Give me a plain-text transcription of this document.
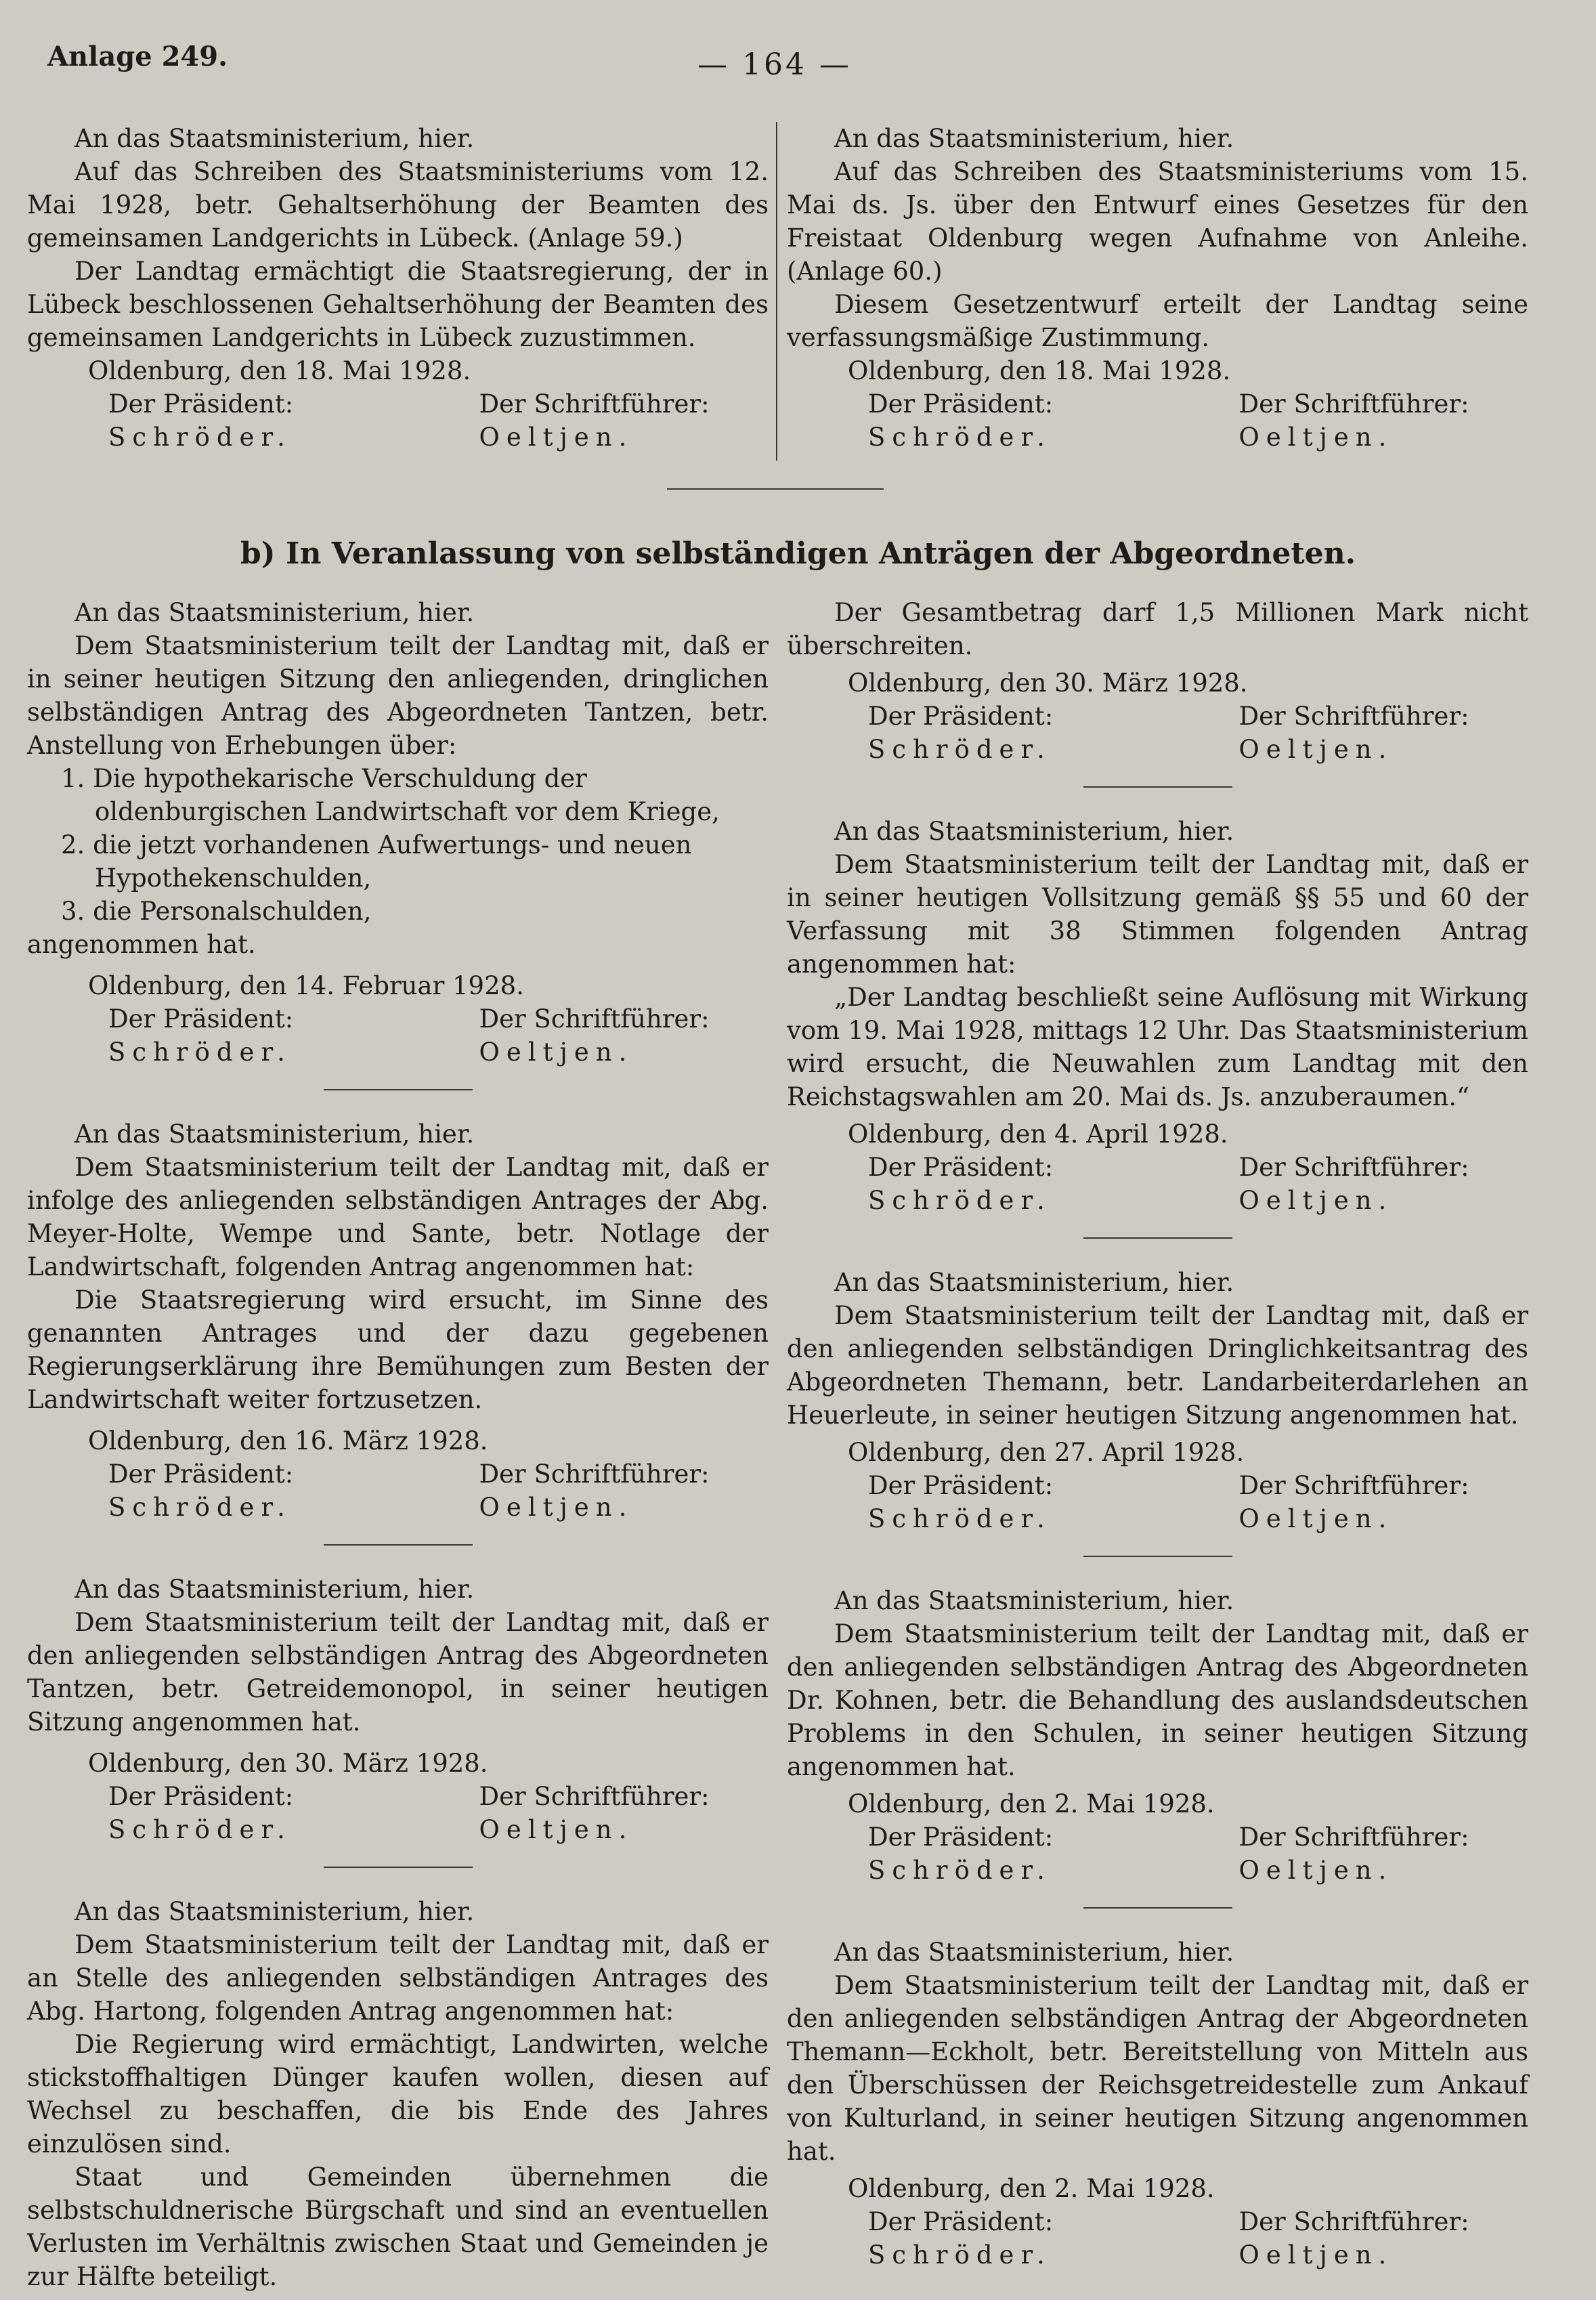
Anlage 249.	— 164 —

An das Staatsministerium, hier.

Auf das Schreiben des Staatsministeriums vom 12. Mai 1928, betr. Gehaltserhöhung der Beamten des gemeinsamen Landgerichts in Lübeck. (Anlage 59.)

Der Landtag ermächtigt die Staatsregierung, der in Lübeck beschlossenen Gehaltserhöhung der Beamten des gemeinsamen Landgerichts in Lübeck zuzustimmen.

Oldenburg, den 18. Mai 1928.

Der Präsident:	Der Schriftführer:
Schröder.	Oeltjen.

An das Staatsministerium, hier.

Auf das Schreiben des Staatsministeriums vom 15. Mai ds. Js. über den Entwurf eines Gesetzes für den Freistaat Oldenburg wegen Aufnahme von Anleihe. (Anlage 60.)

Diesem Gesetzentwurf erteilt der Landtag seine verfassungsmäßige Zustimmung.

Oldenburg, den 18. Mai 1928.

Der Präsident:	Der Schriftführer:
Schröder.	Oeltjen.
b) In Veranlassung von selbständigen Anträgen der Abgeordneten.

An das Staatsministerium, hier.

Dem Staatsministerium teilt der Landtag mit, daß er in seiner heutigen Sitzung den anliegenden, dringlichen selbständigen Antrag des Abgeordneten Tantzen, betr. Anstellung von Erhebungen über:

1. Die hypothekarische Verschuldung der oldenburgischen Landwirtschaft vor dem Kriege,

2. die jetzt vorhandenen Aufwertungs- und neuen Hypothekenschulden,

3. die Personalschulden,

angenommen hat.

Oldenburg, den 14. Februar 1928.

Der Präsident:	Der Schriftführer:
Schröder.	Oeltjen.

An das Staatsministerium, hier.

Dem Staatsministerium teilt der Landtag mit, daß er infolge des anliegenden selbständigen Antrages der Abg. Meyer-Holte, Wempe und Sante, betr. Notlage der Landwirtschaft, folgenden Antrag angenommen hat:

Die Staatsregierung wird ersucht, im Sinne des genannten Antrages und der dazu gegebenen Regierungserklärung ihre Bemühungen zum Besten der Landwirtschaft weiter fortzusetzen.

Oldenburg, den 16. März 1928.

Der Präsident:	Der Schriftführer:
Schröder.	Oeltjen.

An das Staatsministerium, hier.

Dem Staatsministerium teilt der Landtag mit, daß er den anliegenden selbständigen Antrag des Abgeordneten Tantzen, betr. Getreidemonopol, in seiner heutigen Sitzung angenommen hat.

Oldenburg, den 30. März 1928.

Der Präsident:	Der Schriftführer:
Schröder.	Oeltjen.

An das Staatsministerium, hier.

Dem Staatsministerium teilt der Landtag mit, daß er an Stelle des anliegenden selbständigen Antrages des Abg. Hartong, folgenden Antrag angenommen hat:

Die Regierung wird ermächtigt, Landwirten, welche stickstoffhaltigen Dünger kaufen wollen, diesen auf Wechsel zu beschaffen, die bis Ende des Jahres einzulösen sind.

Staat und Gemeinden übernehmen die selbstschuldnerische Bürgschaft und sind an eventuellen Verlusten im Verhältnis zwischen Staat und Gemeinden je zur Hälfte beteiligt.

Der Gesamtbetrag darf 1,5 Millionen Mark nicht überschreiten.

Oldenburg, den 30. März 1928.

Der Präsident:	Der Schriftführer:
Schröder.	Oeltjen.

An das Staatsministerium, hier.

Dem Staatsministerium teilt der Landtag mit, daß er in seiner heutigen Vollsitzung gemäß §§ 55 und 60 der Verfassung mit 38 Stimmen folgenden Antrag angenommen hat:

„Der Landtag beschließt seine Auflösung mit Wirkung vom 19. Mai 1928, mittags 12 Uhr. Das Staatsministerium wird ersucht, die Neuwahlen zum Landtag mit den Reichstagswahlen am 20. Mai ds. Js. anzuberaumen.“

Oldenburg, den 4. April 1928.

Der Präsident:	Der Schriftführer:
Schröder.	Oeltjen.

An das Staatsministerium, hier.

Dem Staatsministerium teilt der Landtag mit, daß er den anliegenden selbständigen Dringlichkeitsantrag des Abgeordneten Themann, betr. Landarbeiterdarlehen an Heuerleute, in seiner heutigen Sitzung angenommen hat.

Oldenburg, den 27. April 1928.

Der Präsident:	Der Schriftführer:
Schröder.	Oeltjen.

An das Staatsministerium, hier.

Dem Staatsministerium teilt der Landtag mit, daß er den anliegenden selbständigen Antrag des Abgeordneten Dr. Kohnen, betr. die Behandlung des auslandsdeutschen Problems in den Schulen, in seiner heutigen Sitzung angenommen hat.

Oldenburg, den 2. Mai 1928.

Der Präsident:	Der Schriftführer:
Schröder.	Oeltjen.

An das Staatsministerium, hier.

Dem Staatsministerium teilt der Landtag mit, daß er den anliegenden selbständigen Antrag der Abgeordneten Themann—Eckholt, betr. Bereitstellung von Mitteln aus den Überschüssen der Reichsgetreidestelle zum Ankauf von Kulturland, in seiner heutigen Sitzung angenommen hat.

Oldenburg, den 2. Mai 1928.

Der Präsident:	Der Schriftführer:
Schröder.	Oeltjen.
